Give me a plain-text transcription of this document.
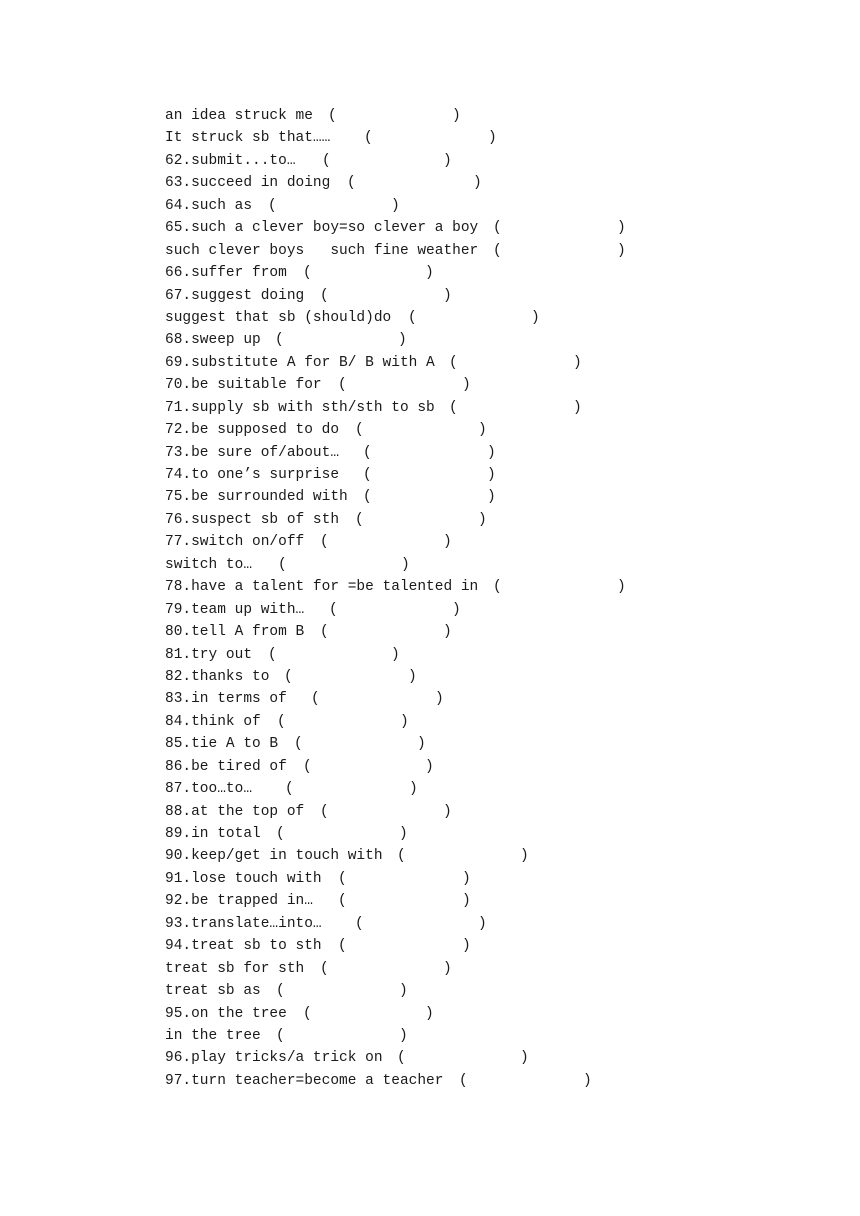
an idea struck me (	)
It struck sb that…… (	)
62.submit...to… (	)
63.succeed in doing (	)
64.such as (	)
65.such a clever boy=so clever a boy (	)
such clever boys   such fine weather (	)
66.suffer from (	)
67.suggest doing (	)
suggest that sb (should)do (	)
68.sweep up (	)
69.substitute A for B/ B with A (	)
70.be suitable for (	)
71.supply sb with sth/sth to sb (	)
72.be supposed to do (	)
73.be sure of/about… (	)
74.to one’s surprise (	)
75.be surrounded with (	)
76.suspect sb of sth (	)
77.switch on/off (	)
switch to… (	)
78.have a talent for =be talented in (	)
79.team up with… (	)
80.tell A from B (	)
81.try out (	)
82.thanks to (	)
83.in terms of (	)
84.think of (	)
85.tie A to B (	)
86.be tired of (	)
87.too…to… (	)
88.at the top of (	)
89.in total (	)
90.keep/get in touch with (	)
91.lose touch with (	)
92.be trapped in… (	)
93.translate…into… (	)
94.treat sb to sth (	)
treat sb for sth (	)
treat sb as (	)
95.on the tree (	)
in the tree (	)
96.play tricks/a trick on (	)
97.turn teacher=become a teacher (	)
